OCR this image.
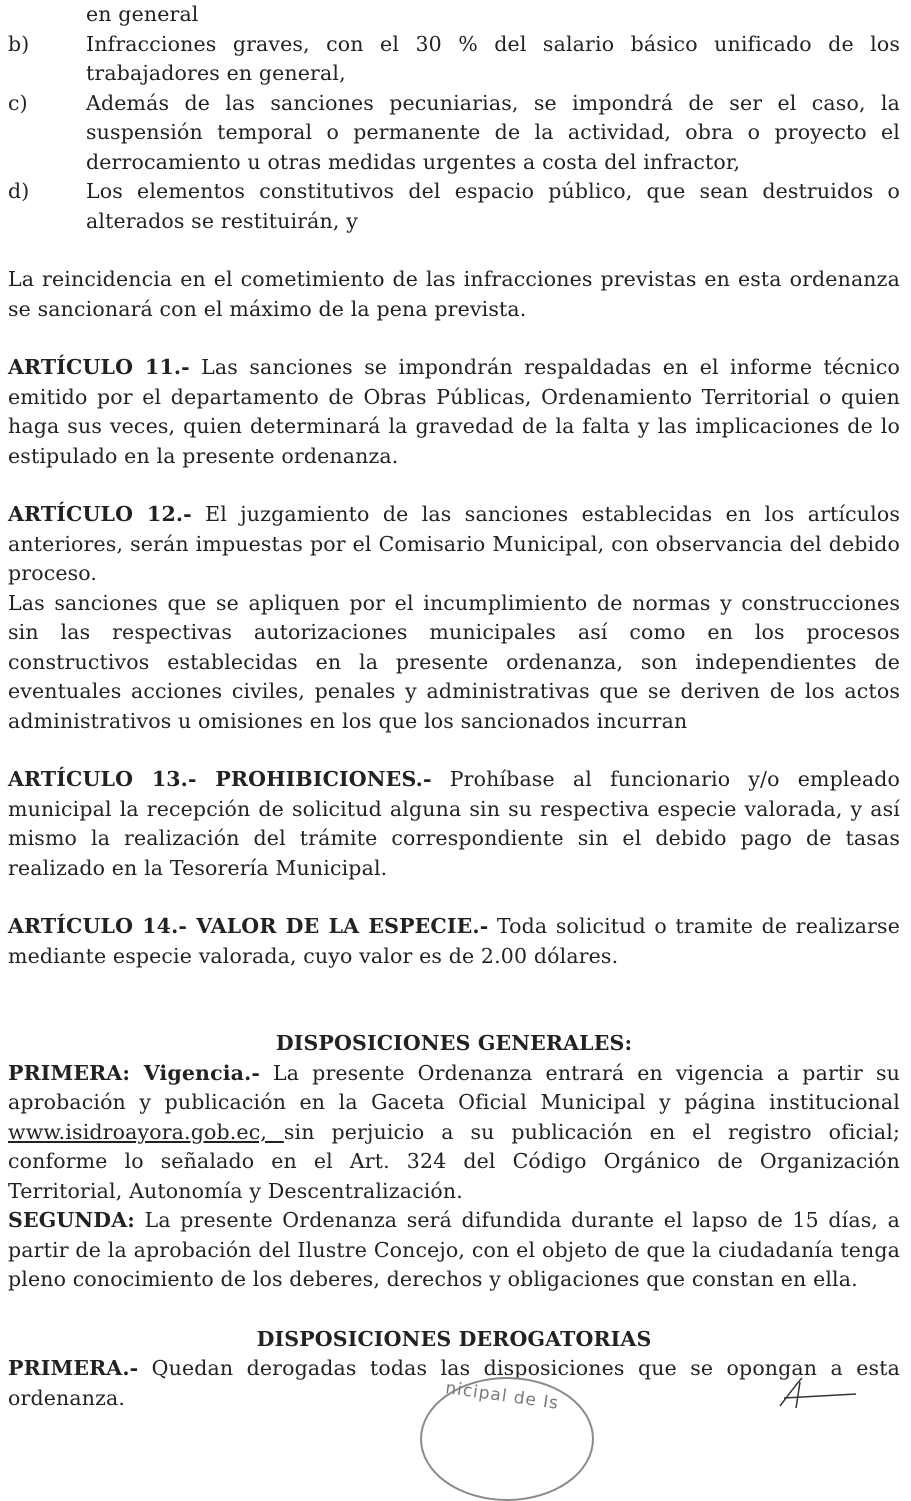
en general

b)	Infracciones graves, con el 30 % del salario básico unificado de los trabajadores en general,
c)	Además de las sanciones pecuniarias, se impondrá de ser el caso, la suspensión temporal o permanente de la actividad, obra o proyecto el derrocamiento u otras medidas urgentes a costa del infractor,
d)	Los elementos constitutivos del espacio público, que sean destruidos o alterados se restituirán, y

La reincidencia en el cometimiento de las infracciones previstas en esta ordenanza se sancionará con el máximo de la pena prevista.

ARTÍCULO 11.- Las sanciones se impondrán respaldadas en el informe técnico emitido por el departamento de Obras Públicas, Ordenamiento Territorial o quien haga sus veces, quien determinará la gravedad de la falta y las implicaciones de lo estipulado en la presente ordenanza.

ARTÍCULO 12.- El juzgamiento de las sanciones establecidas en los artículos anteriores, serán impuestas por el Comisario Municipal, con observancia del debido proceso.

Las sanciones que se apliquen por el incumplimiento de normas y construcciones sin las respectivas autorizaciones municipales así como en los procesos constructivos establecidas en la presente ordenanza, son independientes de eventuales acciones civiles, penales y administrativas que se deriven de los actos administrativos u omisiones en los que los sancionados incurran

ARTÍCULO 13.- PROHIBICIONES.- Prohíbase al funcionario y/o empleado municipal la recepción de solicitud alguna sin su respectiva especie valorada, y así mismo la realización del trámite correspondiente sin el debido pago de tasas realizado en la Tesorería Municipal.

ARTÍCULO 14.- VALOR DE LA ESPECIE.- Toda solicitud o tramite de realizarse mediante especie valorada, cuyo valor es de 2.00 dólares.

DISPOSICIONES GENERALES:

PRIMERA: Vigencia.- La presente Ordenanza entrará en vigencia a partir su aprobación y publicación en la Gaceta Oficial Municipal y página institucional www.isidroayora.gob.ec, sin perjuicio a su publicación en el registro oficial; conforme lo señalado en el Art. 324 del Código Orgánico de Organización Territorial, Autonomía y Descentralización.

SEGUNDA: La presente Ordenanza será difundida durante el lapso de 15 días, a partir de la aprobación del Ilustre Concejo, con el objeto de que la ciudadanía tenga pleno conocimiento de los deberes, derechos y obligaciones que constan en ella.

DISPOSICIONES DEROGATORIAS

PRIMERA.- Quedan derogadas todas las disposiciones que se opongan a esta ordenanza.	nicipal de Is
